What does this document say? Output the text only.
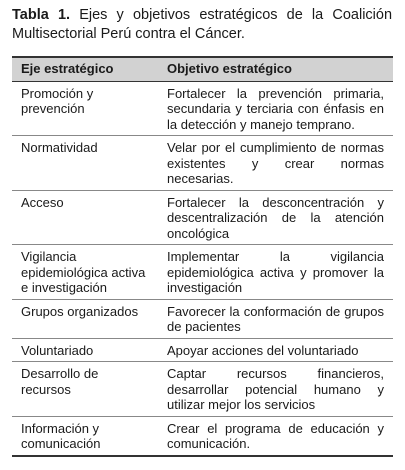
Tabla 1. Ejes y objetivos estratégicos de la Coalición Multisectorial Perú contra el Cáncer.
Eje estratégico	Objetivo estratégico
Promoción y prevención	Fortalecer la prevención primaria, secundaria y terciaria con énfasis en la detección y manejo temprano.
Normatividad	Velar por el cumplimiento de normas existentes y crear normas necesarias.
Acceso	Fortalecer la desconcentración y descentralización de la atención oncológica
Vigilancia epidemiológica activa e investigación	Implementar la vigilancia epidemiológica activa y promover la investigación
Grupos organizados	Favorecer la conformación de grupos de pacientes
Voluntariado	Apoyar acciones del voluntariado
Desarrollo de recursos	Captar recursos financieros, desarrollar potencial humano y utilizar mejor los servicios
Información y comunicación	Crear el programa de educación y comunicación.
